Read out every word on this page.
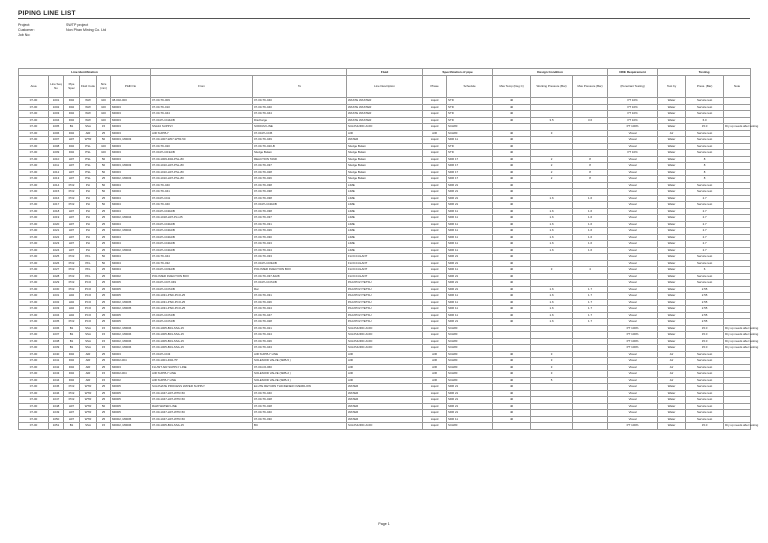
PIPING LINE LIST
Project:	SWTP project
Customer:	Non Phan Mining Co. Ltd
Job No:
Line Identification								Fluid	Specification of pipe		Design Condition			NDE Requirement	Testing		
Area	Line Seq No	Pipe Spec	Fluid Code	Size (mm)	P&ID No	From	To	Line Description	Phase	Schedule	Max Temp (Deg C)	Working Pressure (Bar)	Max Pressure (Bar)	(Penetrant Testing)	Test by	Press. (Bar)	Note
07-00	1001	D02	WW	100	08-002-003	07-00-TK-009	07-00-TK-040	WASTE WASTER	Liquid	STD	40			PT 10%	Water	Service test	
07-00	1002	D02	WW	100	M0003	07-00-TK-010	07-00-TK-040	WASTE WASTER	Liquid	STD	40			PT 10%	Water	Service test	
07-00	1003	D02	WW	100	M0003	07-00-TK-044	07-00-TK-044	WASTE WASTER	Liquid	STD	40			PT 10%	Water	Service test	
07-00	1004	D02	WW	100	M0003	07-00-PU-044A/B	Discharge	WASTE WASTER	Liquid	STD	40	3.5	3.6	PT 10%	Water	6.0	
07-00	1005	B1	SSA	15	M0003	SSA10 SUPPLY	SODIUM LINE	SULPHURIC ACID	Liquid	SCH80				PT 100%	Water	15.0	Dry up needs after testing
07-00	1006	D02	AIR	25	M0003	AIR SUPPLY	07-00-PU-045	AIR	AIR	SCH80	40	3		Visual	Air	Service test	
07-00	1007	H07	WTR	50	M0003, M0003	07-00-1007-W07-WTR-50	07-00-TK-049	WATER	Liquid	SDR 11	40			Visual	Water	Service test	
07-00	1008	D02	PSL	100	M0003	07-00-TK-020	07-00-TK-020-B	Sludge Bulam	Liquid	STD	40			Visual	Water	Service test	
07-00	1009	D02	PSL	100	M0003	07-00-PU-019A/B	Sludge Bulam	Sludge Bulam	Liquid	STD	40			PT 10%	Water	Service test	
07-00	1010	H07	PSL	50	M0003	07-00-1009-D02-PSL-80	REACTION TANK	Sludge Bulam	Liquid	SDR 17	40	2	8	Visual	Water	8	
07-00	1011	H07	PSL	50	M0003, M0003	07-00-1010-H07-PSL-80	07-00-TK-037	Sludge Bulam	Liquid	SDR 17	40	2	8	Visual	Water	8	
07-00	1012	H07	PSL	50	M0003	07-00-1010-H07-PSL-80	07-00-TK-028	Sludge Bulam	Liquid	SDR 17	40	2	8	Visual	Water	8	
07-00	1013	H07	PSL	25	M0002, M0003	07-00-1010-H07-PSL-80	07-00-TK-026	Sludge Bulam	Liquid	SDR 17	40	2	8	Visual	Water	8	
07-00	1014	PO2	PLI	50	M0004	07-00-TK-040	07-00-TK-038	LIME	Liquid	SDR 21	40			Visual	Water	Service test	
07-00	1015	PO2	PLI	50	M0004	07-00-TK-041	07-00-TK-038	LIME	Liquid	SDR 21	40			Visual	Water	Service test	
07-00	1016	PO2	PLI	25	M0004	07-00-PU-041	07-00-TK-038	LIME	Liquid	SDR 21	40	1.6	1.6	Visual	Water	2.7	
07-00	1017	PO2	PLI	50	M0004	07-00-TK-040	07-00-PU-040A/B	LIME	Liquid	SDR 21	40			Visual	Water	Service test	
07-00	1018	H07	PLI	25	M0004	07-00-PU-040A/B	07-00-TK-038	LIME	Liquid	SDR 11	40	1.6	1.6	Visual	Water	2.7	
07-00	1019	H07	PLI	25	M0002, M0004	07-00-1018-H07-PLI-25	07-00-TK-037	LIME	Liquid	SDR 11	40	1.6	1.6	Visual	Water	2.7	
07-00	1020	H07	PLI	25	M0004	07-00-PU-040A/B	07-00-TK-031	LIME	Liquid	SDR 11	40	1.6	1.6	Visual	Water	2.7	
07-00	1021	H07	PLI	25	M0002, M0004	07-00-PU-040A/B	07-00-TK-026	LIME	Liquid	SDR 11	40	1.6	1.6	Visual	Water	2.7	
07-00	1022	H07	PLI	25	M0004	07-00-PU-040A/B	07-00-TK-030	LIME	Liquid	SDR 11	40	1.6	1.6	Visual	Water	2.7	
07-00	1023	H07	PLI	25	M0004	07-00-PU-040A/B	07-00-TK-023	LIME	Liquid	SDR 11	40	1.6	1.6	Visual	Water	2.7	
07-00	1024	H07	PLI	25	M0002, M0004	07-00-PU-040A/B	07-00-TK-024	LIME	Liquid	SDR 11	40	1.6	1.6	Visual	Water	2.7	
07-00	1025	PO2	PFL	50	M0004	07-00-TK-044	07-00-TK-033	FLOCCULANT	Liquid	SDR 21	40			Visual	Water	Service test	
07-00	1026	PO2	PFL	50	M0004	07-00-TK-032	07-00-PU-033A/B	FLOCCULANT	Liquid	SDR 21	40			Visual	Water	Service test	
07-00	1027	PO2	PFL	25	M0004	07-00-PU-033A/B	POLYMER INJECTION BOX	FLOCCULANT	Liquid	SDR 11	40	3	4	Visual	Water	6	
07-00	1028	PO2	PFL	25	M0002	POLYMER INJECTION BOX	07-00-TK-037 &028	FLOCCULANT	Liquid	SDR 21	40			Visual	Water	Service test	
07-00	1029	PO2	PCO	25	M0005	07-00-PU-037-049	07-00-PU-047A/B	PAC/POLYTETSU	Liquid	SDR 21	40			Visual	Water	Service test	
07-00	1030	PO2	PCO	25	M0005	07-00-PU-047A/B	Rar	PAC/POLYTETSU	Liquid	SDR 21	40	1.6	1.7	Visual	Water	2.55	
07-00	1031	H02	PCO	25	M0005	07-00-1031-PSD-PCO-25	07-00-TK-031	PAC/POLYTETSU	Liquid	SDR 11	40	1.6	1.7	Visual	Water	2.55	
07-00	1032	H02	PCO	25	M0002, M0005	07-00-1031-PSD-PCO-25	07-00-TK-026	PAC/POLYTETSU	Liquid	SDR 11	40	1.6	1.7	Visual	Water	2.55	
07-00	1033	H02	PCO	25	M0002, M0005	07-00-1031-PSD-PCO-25	07-00-TK-024	PAC/POLYTETSU	Liquid	SDR 11	40	1.6	1.7	Visual	Water	2.55	
07-00	1034	H02	PCO	25	M0005	07-00-PU-047A/B	07-00-TK-047	PAC/POLYTETSU	Liquid	SDR 11	40	1.6	1.7	Visual	Water	2.55	
07-00	1035	PO2	PCO	25	M0005	07-00-PU-047A/B	07-00-TK-028	PAC/POLYTETSU	Liquid	SDR 21	40	1.6	1.7	Visual	Water	2.55	
07-00	1036	B1	SSA	15	M0002, M0006	07-00-1005-B01-SSA-15	07-00-TK-021	SULPHURIC ACID	Liquid	SCH80				PT 100%	Water	15.0	Dry up needs after testing
07-00	1037	B1	SSA	15	M0002, M0006	07-00-1005-B01-SSA-15	07-00-TK-024	SULPHURIC ACID	Liquid	SCH80				PT 100%	Water	15.0	Dry up needs after testing
07-00	1038	B1	SSA	15	M0002, M0006	07-00-1005-B01-SSA-15	07-00-TK-026	SULPHURIC ACID	Liquid	SCH80				PT 100%	Water	15.0	Dry up needs after testing
07-00	1039	B1	SSA	15	M0002, M0006	07-00-1005-B01-SSA-15	07-00-TK-043	SULPHURIC ACID	Liquid	SCH80				PT 100%	Water	15.0	Dry up needs after testing
07-00	1040	D02	AIR	25	M0003	07-00-PU-043	AIR SUPPLY LINE	AIR	AIR	SCH80	40	3		Visual	Air	Service test	
07-00	1041	D02	AIR	25	M0002-004	07-00-1001-D02-?P	SOLENOID VALVE (SRB-5 )	AIR	AIR	SCH80	40	3		Visual	Air	Service test	
07-00	1042	D02	AIR	25	M0003	FLUSIT AIR SUPPLY LINE	07-00-C0-060	AIR	AIR	SCH80	40	3		Visual	Air	Service test	
07-00	1043	D02	AIR	15	M0002-004	AIR SUPPLY LINE	SOLENOID VALVE (SRB-2 )	AIR	AIR	SCH80	40	3		Visual	Air	Service test	
07-00	1044	D02	AIR	15	M0002	AIR SUPPLY LINE	SOLENOID VALVE (SRB-3 )	AIR	AIR	SCH80	40	5		Visual	Air	Service test	
07-00	1045	PO2	WTR	25	M0005	SULPHATE PROCESS WATER SUPPLY	ELUTE RETURN THICKENER OVERFLOW	WATER	Liquid	SDR 21	40			Visual	Water	Service test	
07-00	1046	PO2	WTR	25	M0005	07-00-1047-H07-WTR-50	07-00-TK-040	WATER	Liquid	SDR 21	40			Visual	Water	Service test	
07-00	1047	PO2	WTR	25	M0005	07-00-1047-H07-WTR-50	07-00-TK-028	WATER	Liquid	SDR 21	40			Visual	Water	Service test	
07-00	1048	H07	WTR	50	M0005	RAW WATER LINE	07-00-TK-028	WATER	Liquid	SDR 21	40			Visual	Water	Service test	
07-00	1049	H07	WTR	25	M0005	07-00-1047-H07-WTR-50	07-00-TK-040	WATER	Liquid	SDR 21	40			Visual	Water	Service test	
07-00	1050	H07	WTR	25	M0002, M0005	07-00-1047-H07-WTR-50	07-00-TK-030	WATER	Liquid	SDR 11	40			Visual	Water	Service test	
07-00	1051	B1	SSA	15	M0002, M0006	07-00-1005-B01-SSA-15	BC	SULPHURIC ACID	Liquid	SCH80				PT 100%	Water	15.0	Dry up needs after testing
Page 1
